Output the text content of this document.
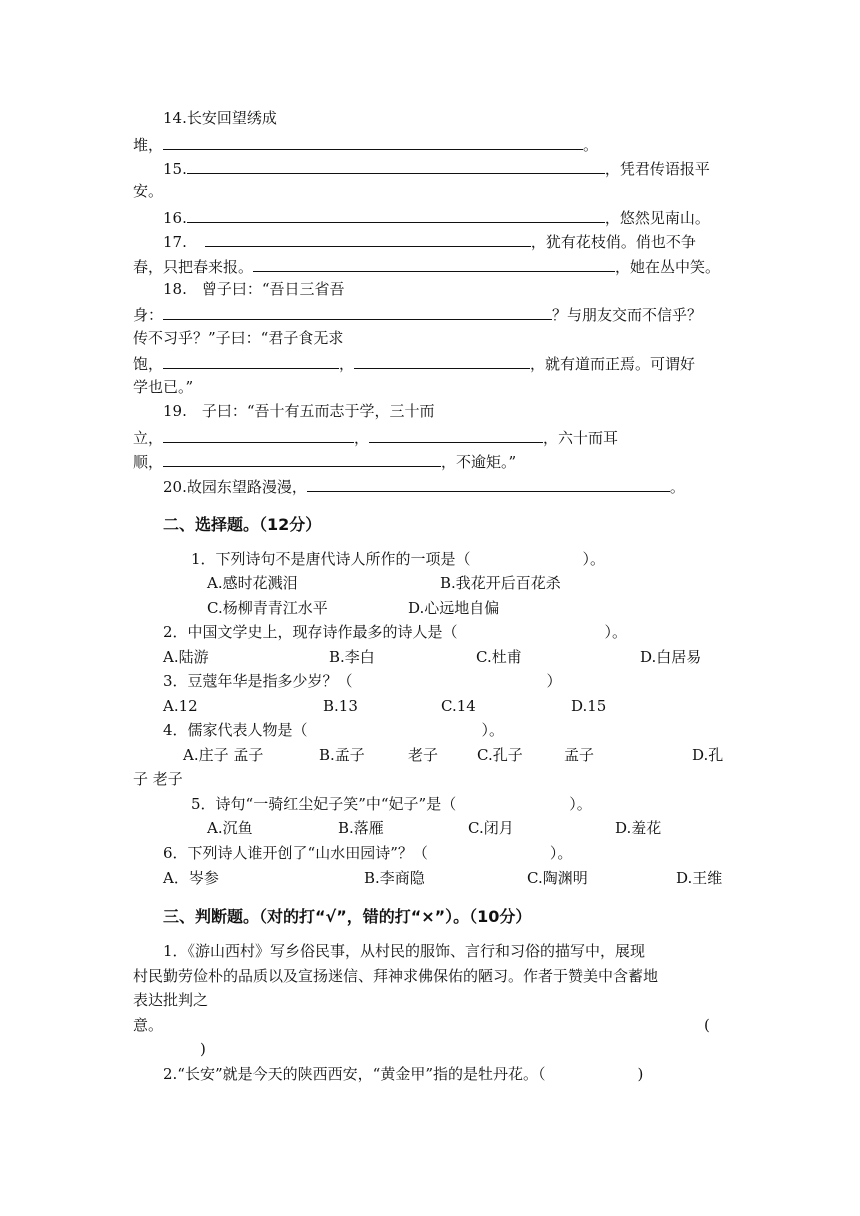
14.长安回望绣成
堆，	。
15.	，凭君传语报平
安。
16.	，悠然见南山。
17.	，犹有花枝俏。俏也不争
春，只把春来报。	，她在丛中笑。
18.　曾子曰：“吾日三省吾
身：	？与朋友交而不信乎？
传不习乎？”子曰：“君子食无求
饱，	，	，就有道而正焉。可谓好
学也已。”
19.　子曰：“吾十有五而志于学，三十而
立，	，	，六十而耳
顺，	，不逾矩。”
20.故园东望路漫漫，	。
二、选择题。（12分）
1．下列诗句不是唐代诗人所作的一项是（	）。
A.感时花溅泪	B.我花开后百花杀
C.杨柳青青江水平	D.心远地自偏
2．中国文学史上，现存诗作最多的诗人是（	）。
A.陆游	B.李白	C.杜甫	D.白居易
3．豆蔻年华是指多少岁？（	）
A.12	B.13	C.14	D.15
4．儒家代表人物是（	）。
A.庄子 孟子	B.孟子	老子	C.孔子	孟子	D.孔
子 老子
5．诗句“一骑红尘妃子笑”中“妃子”是（	）。
A.沉鱼	B.落雁	C.闭月	D.羞花
6．下列诗人谁开创了“山水田园诗”？（	）。
A．岑参	B.李商隐	C.陶渊明	D.王维
三、判断题。（对的打“√”，错的打“×”）。（10分）
1．《游山西村》写乡俗民事，从村民的服饰、言行和习俗的描写中，展现
村民勤劳俭朴的品质以及宣扬迷信、拜神求佛保佑的陋习。作者于赞美中含蓄地
表达批判之
意。	(
)
2.“长安”就是今天的陕西西安，“黄金甲”指的是牡丹花。（	)
